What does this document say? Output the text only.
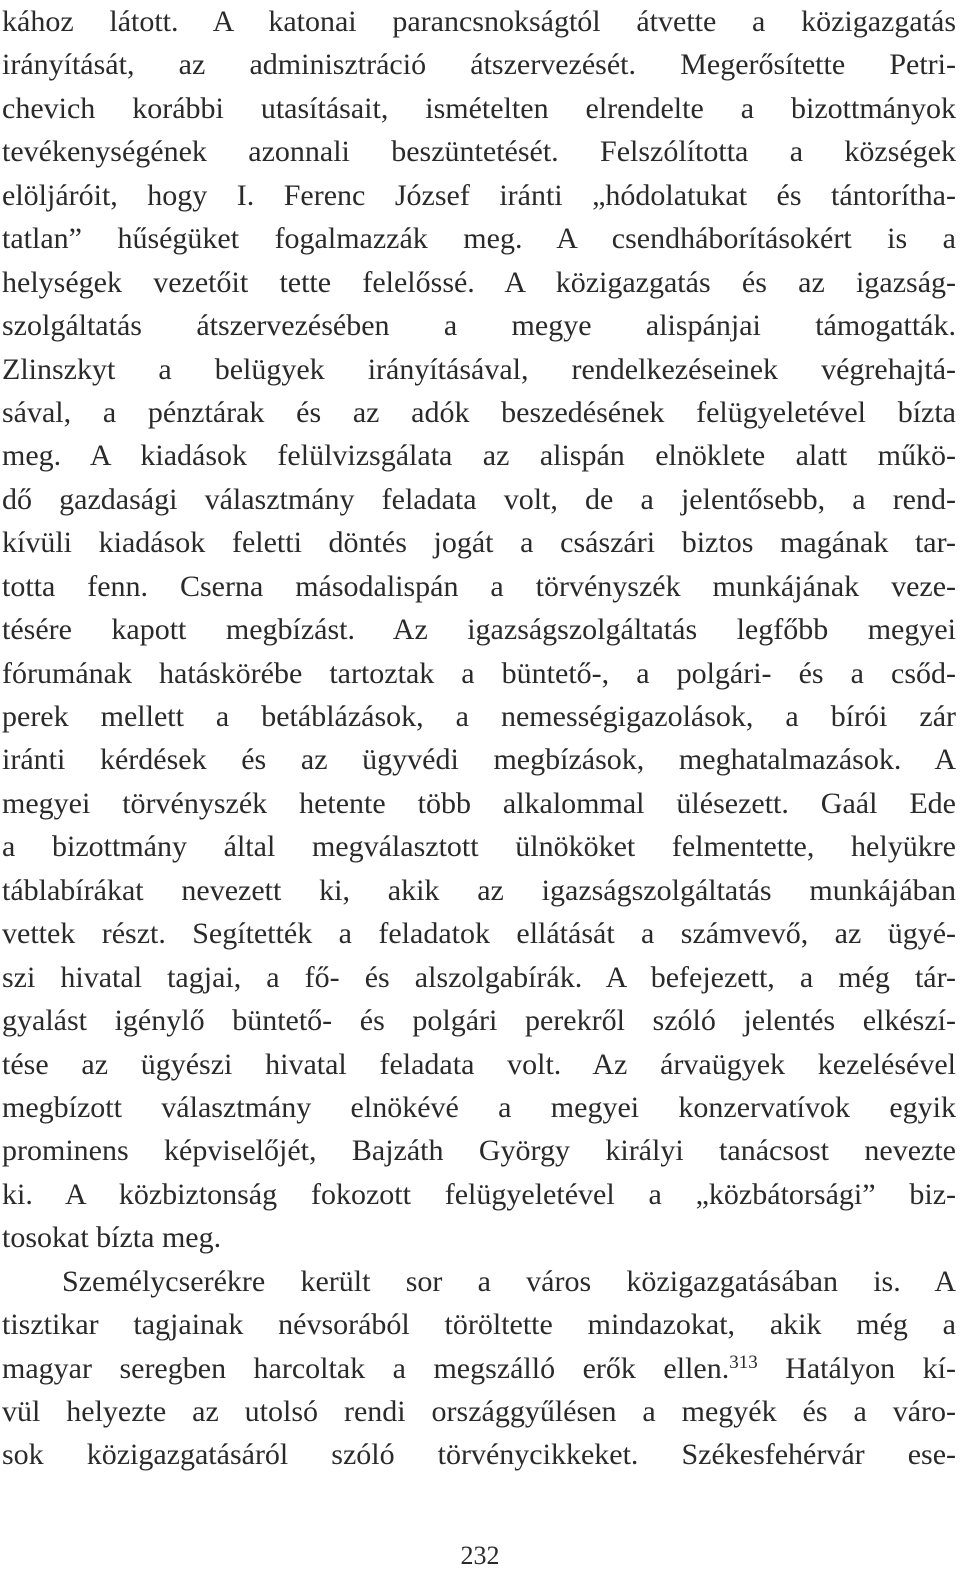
kához látott. A katonai parancsnokságtól átvette a közigazgatás
irányítását, az adminisztráció átszervezését. Megerősítette Petri-
chevich korábbi utasításait, ismételten elrendelte a bizottmányok
tevékenységének azonnali beszüntetését. Felszólította a községek
elöljáróit, hogy I. Ferenc József iránti „hódolatukat és tántorítha-
tatlan” hűségüket fogalmazzák meg. A csendháborításokért is a
helységek vezetőit tette felelőssé. A közigazgatás és az igazság-
szolgáltatás átszervezésében a megye alispánjai támogatták.
Zlinszkyt a belügyek irányításával, rendelkezéseinek végrehajtá-
sával, a pénztárak és az adók beszedésének felügyeletével bízta
meg. A kiadások felülvizsgálata az alispán elnöklete alatt műkö-
dő gazdasági választmány feladata volt, de a jelentősebb, a rend-
kívüli kiadások feletti döntés jogát a császári biztos magának tar-
totta fenn. Cserna másodalispán a törvényszék munkájának veze-
tésére kapott megbízást. Az igazságszolgáltatás legfőbb megyei
fórumának hatáskörébe tartoztak a büntető-, a polgári- és a csőd-
perek mellett a betáblázások, a nemességigazolások, a bírói zár
iránti kérdések és az ügyvédi megbízások, meghatalmazások. A
megyei törvényszék hetente több alkalommal ülésezett. Gaál Ede
a bizottmány által megválasztott ülnököket felmentette, helyükre
táblabírákat nevezett ki, akik az igazságszolgáltatás munkájában
vettek részt. Segítették a feladatok ellátását a számvevő, az ügyé-
szi hivatal tagjai, a fő- és alszolgabírák. A befejezett, a még tár-
gyalást igénylő büntető- és polgári perekről szóló jelentés elkészí-
tése az ügyészi hivatal feladata volt. Az árvaügyek kezelésével
megbízott választmány elnökévé a megyei konzervatívok egyik
prominens képviselőjét, Bajzáth György királyi tanácsost nevezte
ki. A közbiztonság fokozott felügyeletével a „közbátorsági” biz-
tosokat bízta meg.
Személycserékre került sor a város közigazgatásában is. A
tisztikar tagjainak névsorából töröltette mindazokat, akik még a
magyar seregben harcoltak a megszálló erők ellen.$^{313}$ Hatályon kí-
vül helyezte az utolsó rendi országgyűlésen a megyék és a váro-
sok közigazgatásáról szóló törvénycikkeket. Székesfehérvár ese-
232
